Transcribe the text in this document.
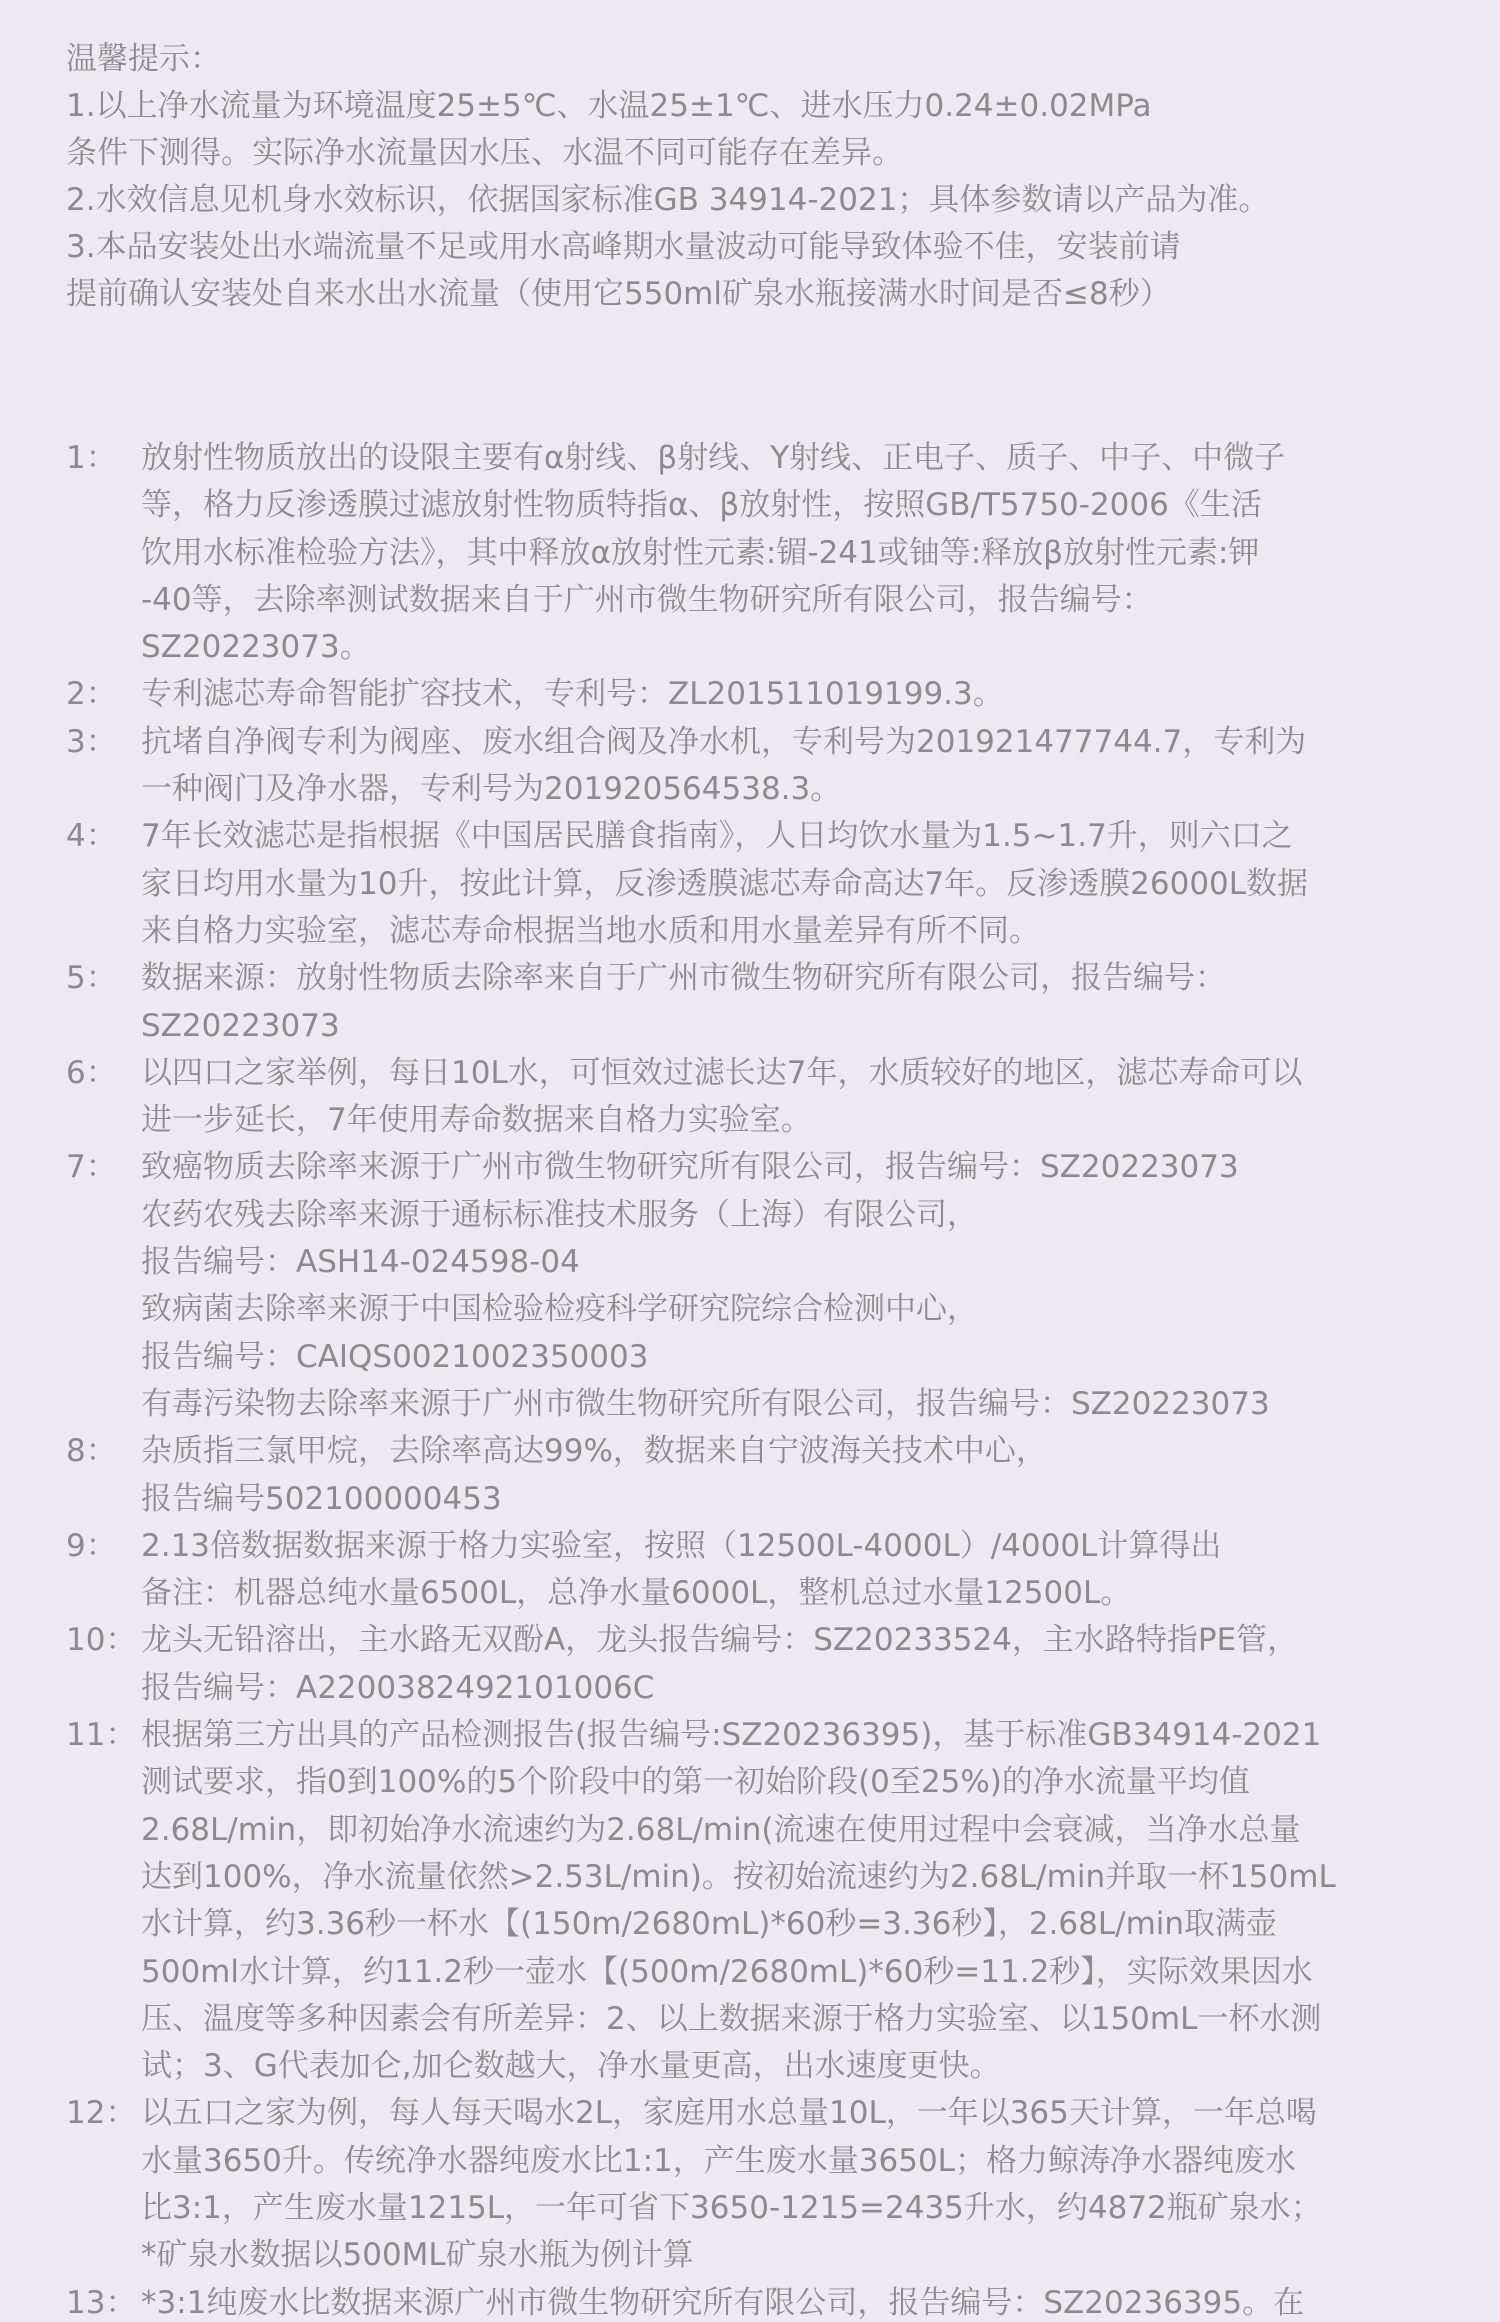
温馨提示：
1.以上净水流量为环境温度25±5℃、水温25±1℃、进水压力0.24±0.02MPa
条件下测得。实际净水流量因水压、水温不同可能存在差异。
2.水效信息见机身水效标识，依据国家标准GB 34914-2021；具体参数请以产品为准。
3.本品安装处出水端流量不足或用水高峰期水量波动可能导致体验不佳，安装前请
提前确认安装处自来水出水流量（使用它550ml矿泉水瓶接满水时间是否≤8秒）
1： 放射性物质放出的设限主要有α射线、β射线、Y射线、正电子、质子、中子、中微子
等，格力反渗透膜过滤放射性物质特指α、β放射性，按照GB/T5750-2006《生活
饮用水标准检验方法》，其中释放α放射性元素:镅-241或铀等:释放β放射性元素:钾
-40等，去除率测试数据来自于广州市微生物研究所有限公司，报告编号：
SZ20223073。
2： 专利滤芯寿命智能扩容技术，专利号：ZL201511019199.3。
3： 抗堵自净阀专利为阀座、废水组合阀及净水机，专利号为201921477744.7，专利为
一种阀门及净水器，专利号为201920564538.3。
4： 7年长效滤芯是指根据《中国居民膳食指南》，人日均饮水量为1.5~1.7升，则六口之
家日均用水量为10升，按此计算，反渗透膜滤芯寿命高达7年。反渗透膜26000L数据
来自格力实验室，滤芯寿命根据当地水质和用水量差异有所不同。
5： 数据来源：放射性物质去除率来自于广州市微生物研究所有限公司，报告编号：
SZ20223073
6： 以四口之家举例，每日10L水，可恒效过滤长达7年，水质较好的地区，滤芯寿命可以
进一步延长，7年使用寿命数据来自格力实验室。
7： 致癌物质去除率来源于广州市微生物研究所有限公司，报告编号：SZ20223073
农药农残去除率来源于通标标准技术服务（上海）有限公司，
报告编号：ASH14-024598-04
致病菌去除率来源于中国检验检疫科学研究院综合检测中心，
报告编号：CAIQS0021002350003
有毒污染物去除率来源于广州市微生物研究所有限公司，报告编号：SZ20223073
8： 杂质指三氯甲烷，去除率高达99%，数据来自宁波海关技术中心，
报告编号502100000453
9： 2.13倍数据数据来源于格力实验室，按照（12500L-4000L）/4000L计算得出
备注：机器总纯水量6500L，总净水量6000L，整机总过水量12500L。
10： 龙头无铅溶出，主水路无双酚A，龙头报告编号：SZ20233524，主水路特指PE管，
报告编号：A2200382492101006C
11： 根据第三方出具的产品检测报告(报告编号:SZ20236395)，基于标准GB34914-2021
测试要求，指0到100%的5个阶段中的第一初始阶段(0至25%)的净水流量平均值
2.68L/min，即初始净水流速约为2.68L/min(流速在使用过程中会衰减，当净水总量
达到100%，净水流量依然>2.53L/min)。按初始流速约为2.68L/min并取一杯150mL
水计算，约3.36秒一杯水【(150m/2680mL)*60秒=3.36秒】，2.68L/min取满壶
500ml水计算，约11.2秒一壶水【(500m/2680mL)*60秒=11.2秒】，实际效果因水
压、温度等多种因素会有所差异：2、以上数据来源于格力实验室、以150mL一杯水测
试；3、G代表加仑,加仑数越大，净水量更高，出水速度更快。
12： 以五口之家为例，每人每天喝水2L，家庭用水总量10L，一年以365天计算，一年总喝
水量3650升。传统净水器纯废水比1:1，产生废水量3650L；格力鲸涛净水器纯废水
比3:1，产生废水量1215L，一年可省下3650-1215=2435升水，约4872瓶矿泉水；
*矿泉水数据以500ML矿泉水瓶为例计算
13： *3:1纯废水比数据来源广州市微生物研究所有限公司，报告编号：SZ20236395。在
